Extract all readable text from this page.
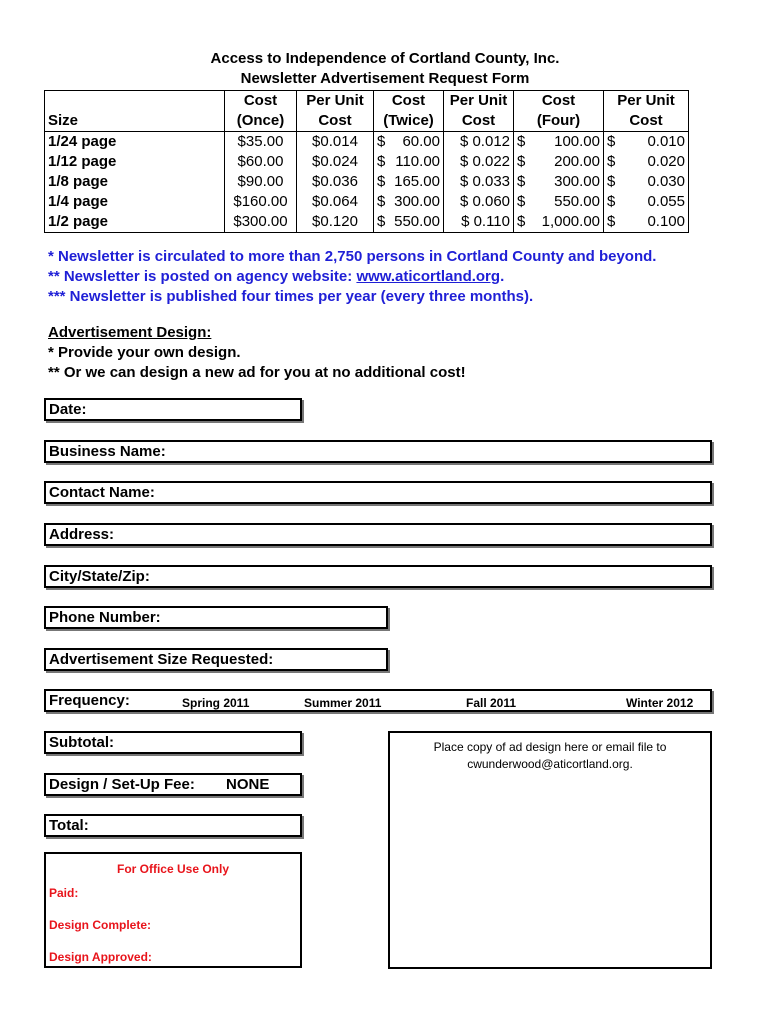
Access to Independence of Cortland County, Inc.
Newsletter Advertisement Request Form
	Cost	Per Unit	Cost	Per Unit	Cost	Per Unit
Size	(Once)	Cost	(Twice)	Cost	(Four)	Cost
1/24 page	$35.00	$0.014	$ 60.00	$ 0.012	$ 100.00	$ 0.010

1/12 page	$60.00	$0.024	$ 110.00	$ 0.022	$ 200.00	$ 0.020

1/8 page	$90.00	$0.036	$ 165.00	$ 0.033	$ 300.00	$ 0.030

1/4 page	$160.00	$0.064	$ 300.00	$ 0.060	$ 550.00	$ 0.055

1/2 page	$300.00	$0.120	$ 550.00	$ 0.110	$ 1,000.00	$ 0.100
* Newsletter is circulated to more than 2,750 persons in Cortland County and beyond.
** Newsletter is posted on agency website: www.aticortland.org.
*** Newsletter is published four times per year (every three months).
Advertisement Design:
* Provide your own design.
** Or we can design a new ad for you at no additional cost!
Date:
Business Name:
Contact Name:
Address:
City/State/Zip:
Phone Number:
Advertisement Size Requested:
Frequency:	Spring 2011	Summer 2011	Fall 2011	Winter 2012
Subtotal:
Design / Set-Up Fee: NONE
Total:
For Office Use Only
Paid:
Design Complete:
Design Approved:
Place copy of ad design here or email file to
cwunderwood@aticortland.org.
